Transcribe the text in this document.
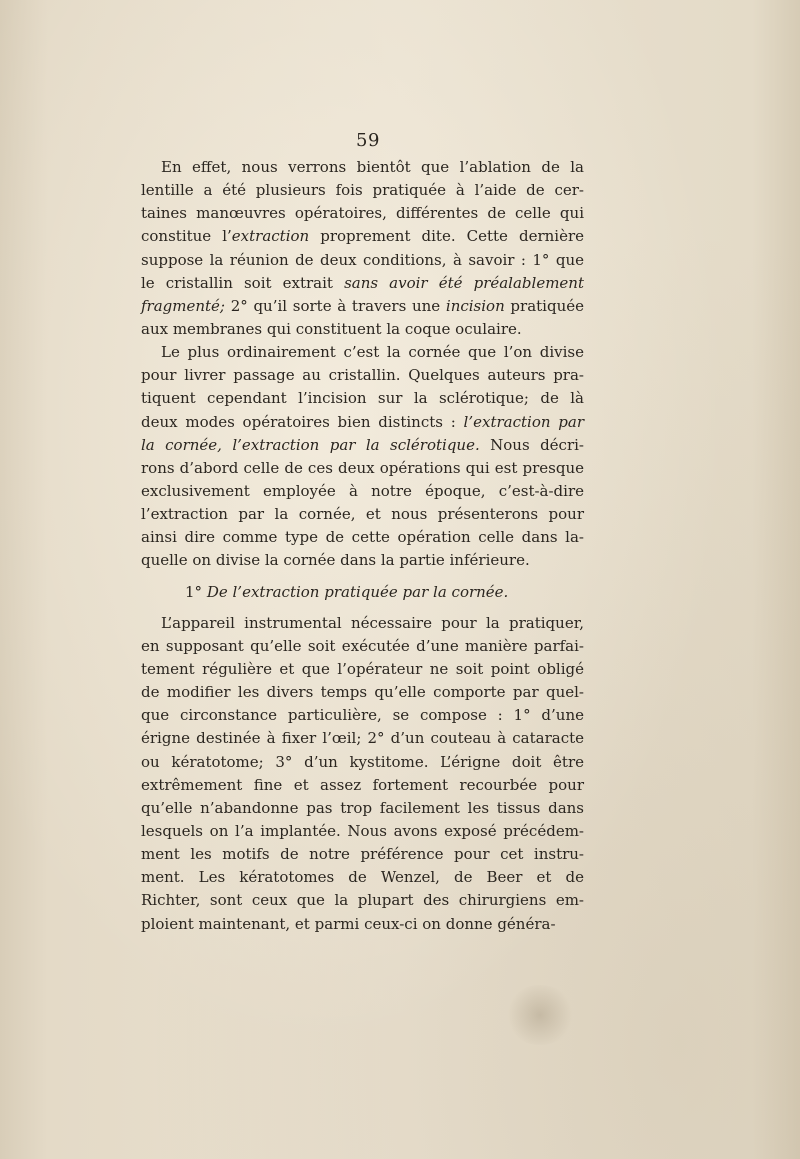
59
En effet, nous verrons bientôt que l’ablation de la
lentille a été plusieurs fois pratiquée à l’aide de cer-
taines manœuvres opératoires, différentes de celle qui
constitue l’extraction proprement dite. Cette dernière
suppose la réunion de deux conditions, à savoir : 1° que
le cristallin soit extrait sans avoir été préalablement
fragmenté; 2° qu’il sorte à travers une incision pratiquée
aux membranes qui constituent la coque oculaire.
Le plus ordinairement c’est la cornée que l’on divise
pour livrer passage au cristallin. Quelques auteurs pra-
tiquent cependant l’incision sur la sclérotique; de là
deux modes opératoires bien distincts : l’extraction par
la cornée, l’extraction par la sclérotique. Nous décri-
rons d’abord celle de ces deux opérations qui est presque
exclusivement employée à notre époque, c’est-à-dire
l’extraction par la cornée, et nous présenterons pour
ainsi dire comme type de cette opération celle dans la-
quelle on divise la cornée dans la partie inférieure.
1° De l’extraction pratiquée par la cornée.
L’appareil instrumental nécessaire pour la pratiquer,
en supposant qu’elle soit exécutée d’une manière parfai-
tement régulière et que l’opérateur ne soit point obligé
de modifier les divers temps qu’elle comporte par quel-
que circonstance particulière, se compose : 1° d’une
érigne destinée à fixer l’œil; 2° d’un couteau à cataracte
ou kératotome; 3° d’un kystitome. L’érigne doit être
extrêmement fine et assez fortement recourbée pour
qu’elle n’abandonne pas trop facilement les tissus dans
lesquels on l’a implantée. Nous avons exposé précédem-
ment les motifs de notre préférence pour cet instru-
ment. Les kératotomes de Wenzel, de Beer et de
Richter, sont ceux que la plupart des chirurgiens em-
ploient maintenant, et parmi ceux-ci on donne généra-
